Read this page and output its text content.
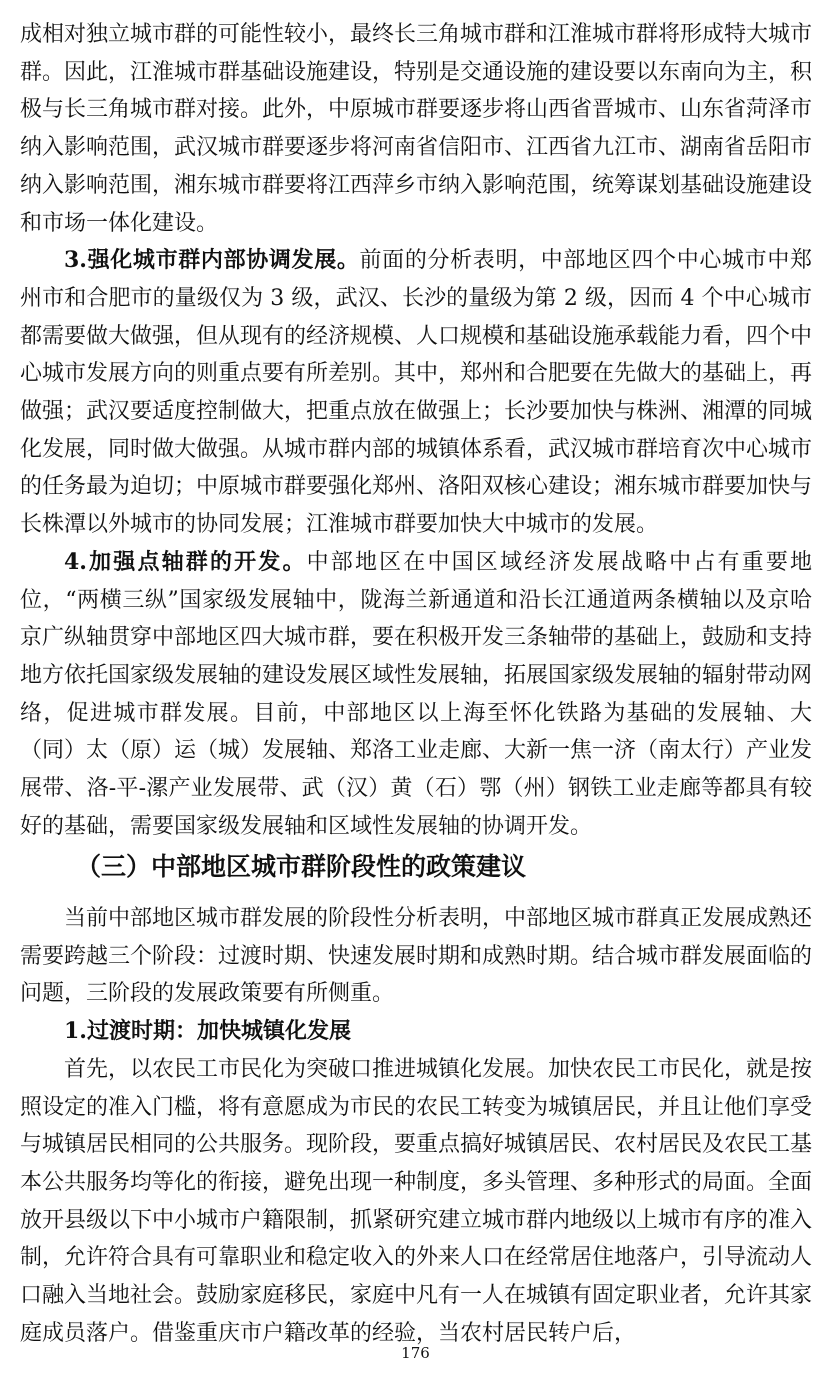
成相对独立城市群的可能性较小，最终长三角城市群和江淮城市群将形成特大城市群。因此，江淮城市群基础设施建设，特别是交通设施的建设要以东南向为主，积极与长三角城市群对接。此外，中原城市群要逐步将山西省晋城市、山东省菏泽市纳入影响范围，武汉城市群要逐步将河南省信阳市、江西省九江市、湖南省岳阳市纳入影响范围，湘东城市群要将江西萍乡市纳入影响范围，统筹谋划基础设施建设和市场一体化建设。

3.强化城市群内部协调发展。前面的分析表明，中部地区四个中心城市中郑州市和合肥市的量级仅为 3 级，武汉、长沙的量级为第 2 级，因而 4 个中心城市都需要做大做强，但从现有的经济规模、人口规模和基础设施承载能力看，四个中心城市发展方向的则重点要有所差别。其中，郑州和合肥要在先做大的基础上，再做强；武汉要适度控制做大，把重点放在做强上；长沙要加快与株洲、湘潭的同城化发展，同时做大做强。从城市群内部的城镇体系看，武汉城市群培育次中心城市的任务最为迫切；中原城市群要强化郑州、洛阳双核心建设；湘东城市群要加快与长株潭以外城市的协同发展；江淮城市群要加快大中城市的发展。

4.加强点轴群的开发。中部地区在中国区域经济发展战略中占有重要地位，“两横三纵”国家级发展轴中，陇海兰新通道和沿长江通道两条横轴以及京哈京广纵轴贯穿中部地区四大城市群，要在积极开发三条轴带的基础上，鼓励和支持地方依托国家级发展轴的建设发展区域性发展轴，拓展国家级发展轴的辐射带动网络，促进城市群发展。目前，中部地区以上海至怀化铁路为基础的发展轴、大（同）太（原）运（城）发展轴、郑洛工业走廊、大新一焦一济（南太行）产业发展带、洛-平-漯产业发展带、武（汉）黄（石）鄂（州）钢铁工业走廊等都具有较好的基础，需要国家级发展轴和区域性发展轴的协调开发。

（三）中部地区城市群阶段性的政策建议

当前中部地区城市群发展的阶段性分析表明，中部地区城市群真正发展成熟还需要跨越三个阶段：过渡时期、快速发展时期和成熟时期。结合城市群发展面临的问题，三阶段的发展政策要有所侧重。

1.过渡时期：加快城镇化发展

首先，以农民工市民化为突破口推进城镇化发展。加快农民工市民化，就是按照设定的准入门槛，将有意愿成为市民的农民工转变为城镇居民，并且让他们享受与城镇居民相同的公共服务。现阶段，要重点搞好城镇居民、农村居民及农民工基本公共服务均等化的衔接，避免出现一种制度，多头管理、多种形式的局面。全面放开县级以下中小城市户籍限制，抓紧研究建立城市群内地级以上城市有序的准入制，允许符合具有可靠职业和稳定收入的外来人口在经常居住地落户，引导流动人口融入当地社会。鼓励家庭移民，家庭中凡有一人在城镇有固定职业者，允许其家庭成员落户。借鉴重庆市户籍改革的经验，当农村居民转户后，

176
